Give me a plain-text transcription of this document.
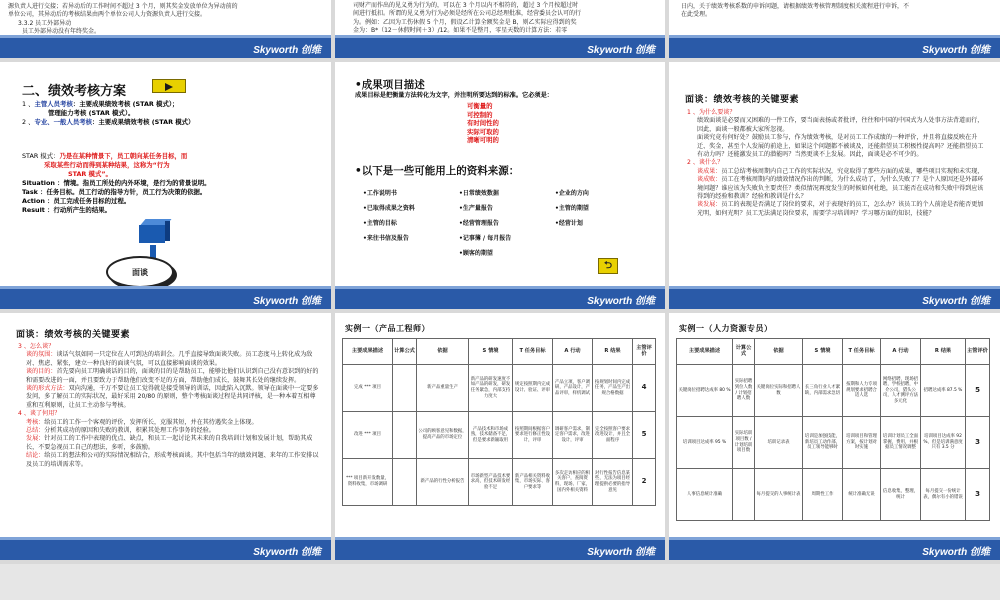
源负责人进行交接；若异动后的工作时间不超过 3 个月，则其奖金发放单位为异动前的
单位公司，其异动后的考核结果由两个单位公司人力资源负责人进行交接。
3.3.2 员工外部异动
员工外部异动没有年终奖金。
Skyworth 创维
司财产而作出的见义勇为行为的，可以在 3 个月以内不相符的，超过 3 个月按超过时
间进行抵扣。所谓的见义勇为行为必须是经所在公司总经理批准，经营委员会认可的行
为。例如：乙因为工伤休假 5 个月，假设乙计算全额奖金是 B，则乙实际应得到的奖
金为：B*（12－休假时间＋3）/12。如果不是整月，零星天数的计算方法：若零
Skyworth 创维
日内，关于绩效考核系数的申诉问题，请根据绩效考核管理制度相关流程进行申诉，不
在此受理。
Skyworth 创维
二、绩效考核方案
1 、主管人员考核：主要成果绩效考核 (STAR 模式）；
管理能力考核 (STAR 模式）。
2 、专业、一般人员考核：主要成果绩效考核 (STAR 模式）
STAR 模式：乃是在某种情景下，员工朝向某任务目标，而
采取某些行动而得到某种结果，这称为“行为
STAR 模式”。
Situation ：情境。指员工所处的内外环境，是行为的背景说明。
Task ：任务目标。员工行动的指导方针，员工行为决策的依据。
Action ：员工完成任务目标的过程。
Result ：行动所产生的结果。
面谈
Skyworth 创维
•成果项目描述
成果目标是把衡量方法转化为文字，并注明所要达到的标准。它必须是：
可衡量的
可控制的
有时间性的
实际可取的
清晰可明的
•以下是一些可能用上的资料来源：
•工作说明书	•日常绩效数据	•企业的方向
•已取得成果之资料	•生产量报告	•主管的期望
•主管的目标	•经营管理报告	•经营计划
•来往书信及报告	•记事簿 / 每月报告
•顾客的期望
⮌
Skyworth 创维
面谈：绩效考核的关键要素
1 、为什么要谈？
绩效面谈是必要而又困难的一件工作，要当面表扬或者批评，往往和中国的中国式为人处事方法背道而行，因此，面谈一般都被大家所忽视。
面谈究竟有何好处？鼓励员工参与，作为绩效考核，是对员工工作成绩的一种评价，并且将直接反映在升迁、奖金，甚至个人发展的前途上，如果这个问题都不被谈及，还能指望员工积极性提高吗？还能指望员工有动力吗？还能激发员工的潜能吗？当然更谈不上发展。因此，面谈是必不可少的。
2 、谈什么？
谈成果：员工总结考核周期内自己工作的实际状况，究竟取得了那些方面的成果，哪些项目实现和未实现，
谈成败：员工在考核周期内的绩效情况作出的判断，为什么成功了，为什么失败了？是个人原因还是外部环境问题？谁应该为失败负主要责任？类似情况再度发生的时候如何杜绝，员工能否在成功和失败中得到应该得到的经验和教训？经验和教训是什么？
谈发展：员工的表现是否满足了岗位的要求，对于表现好的员工，怎么办？该员工的个人前途是否能否更加光明，如何光明？员工无法满足岗位要求，需要学习培训吗？学习哪方面的知识，技能？
Skyworth 创维
面谈：绩效考核的关键要素
3 、怎么谈？
谈的氛围：谈话气氛如同一只定位在人可到达的培训会。几乎直接导致面谈失败。员工态度马上转化成为敌对、焦虑、紧张，建立一种良好的面谈气氛，可以直接影响面谈的效果。
谈的目的：首先要向员工明确谈话的目的，面谈的目的是帮助员工，能够比他们认识到自己没有意识到的好的和需要改进的一面，并且要致力于帮助他们改变不足的方面，帮助他们成长，鼓舞其长处的继续发挥。
谈的形式方法：双向沟通，千万不要让员工觉得就是接受领导的训话，因此陷入沉默。领导在面谈中一定要多发问，多了解员工的实际状况，最好采用 20/80 的原则，整个考核面谈过程是共同评核，是一种本着互相尊重和互利原则，让员工主动参与考核。
4 、谈了何用？
考核：给员工的工作一个客观的评价，发挥所长，克服其短，并在其待遇奖金上体现。
总结：分析其成功的原因和失败的教训，积累其处理工作事务的经验。
发展：针对员工的工作中表现的优点、缺点，和员工一起讨论其未来的自我培训计划和发展计划，帮助其成长，不要急视员工自己的想法，多听，多鼓励。
结论：给员工的想法和公司的实际情况相结合，形成考核面谈。其中包括当年的绩效问题、来年的工作安排以及员工的培训需求等。
Skyworth 创维
实例一（产品工程师）
主要成果描述	计算公式	依据	S 情境	T 任务目标	A 行动	R 结果	主管评价
完成 *** 项目		新产品重量生产	新产品的研发速度不如产品的研发，研发任务紧急，内部支持力度大	规定按照期内完成设计、验证、评审	产品立项，客户调研，产品设计，产品评审，样机调试	按规划时间内完成任务，产品生产出规合格数据	4
改进 *** 项目		公司的顾客意见和数据，提高产品的市场定位	产品技术和市场成熟，技术储备不足，但是要求新颖取用	按照期间根据客户要求进行修正性设计，评审	调研客户需求，制定客户需求，改进设计，评审	完全按照客户要求改进设计，并且全面程序	5
*** 项目新开发数量，资料收集，市场调研		新产品的行性分析报告	市场新型产品技术要求高，但技术研发经验不足	新产品相关资料收集，市场实际、客户要求等	多次走访相应的相关客户，查阅资料，现场、厂家，国内外相关资料	对行性报告信息某些，无法为项目经理提供必要的指导意见	2
Skyworth 创维
实例一（人力资源专员）
主要成果描述	计算公式	依据	S 情境	T 任务目标	A 行动	R 结果	主管评价
关键岗位招聘达成率 80 %	实际招聘到位人数 / 计划招聘人数	关键岗位实际和招聘人数	长三角行业人才紧缺，内部需求急切	按期和人力专项规划要求招聘合适人选	网络招聘，现场招聘，学校招聘，中介公司，猎头公司，人才测评方法多元化	招聘达成率 87.5 %	5
培训项目达成率 95 %	实际培训项目数 / 计划培训项目数	培训记录表	培训是加强技能，新培员工动作部，员工领导能够时	培训项目和管理方案，按计划对时实施	培训计划员工全面掌握，费用，并根据员工情况调整	培训项目达成率 92 %，但是培训满意度只有 3.5 分	3
人事信息统计准确		每月提交的人事统计表	周期性工作	统计准确无误	信息收集，整理，统计	每月提交一份统计表，偶尔有小的错误	3
Skyworth 创维
